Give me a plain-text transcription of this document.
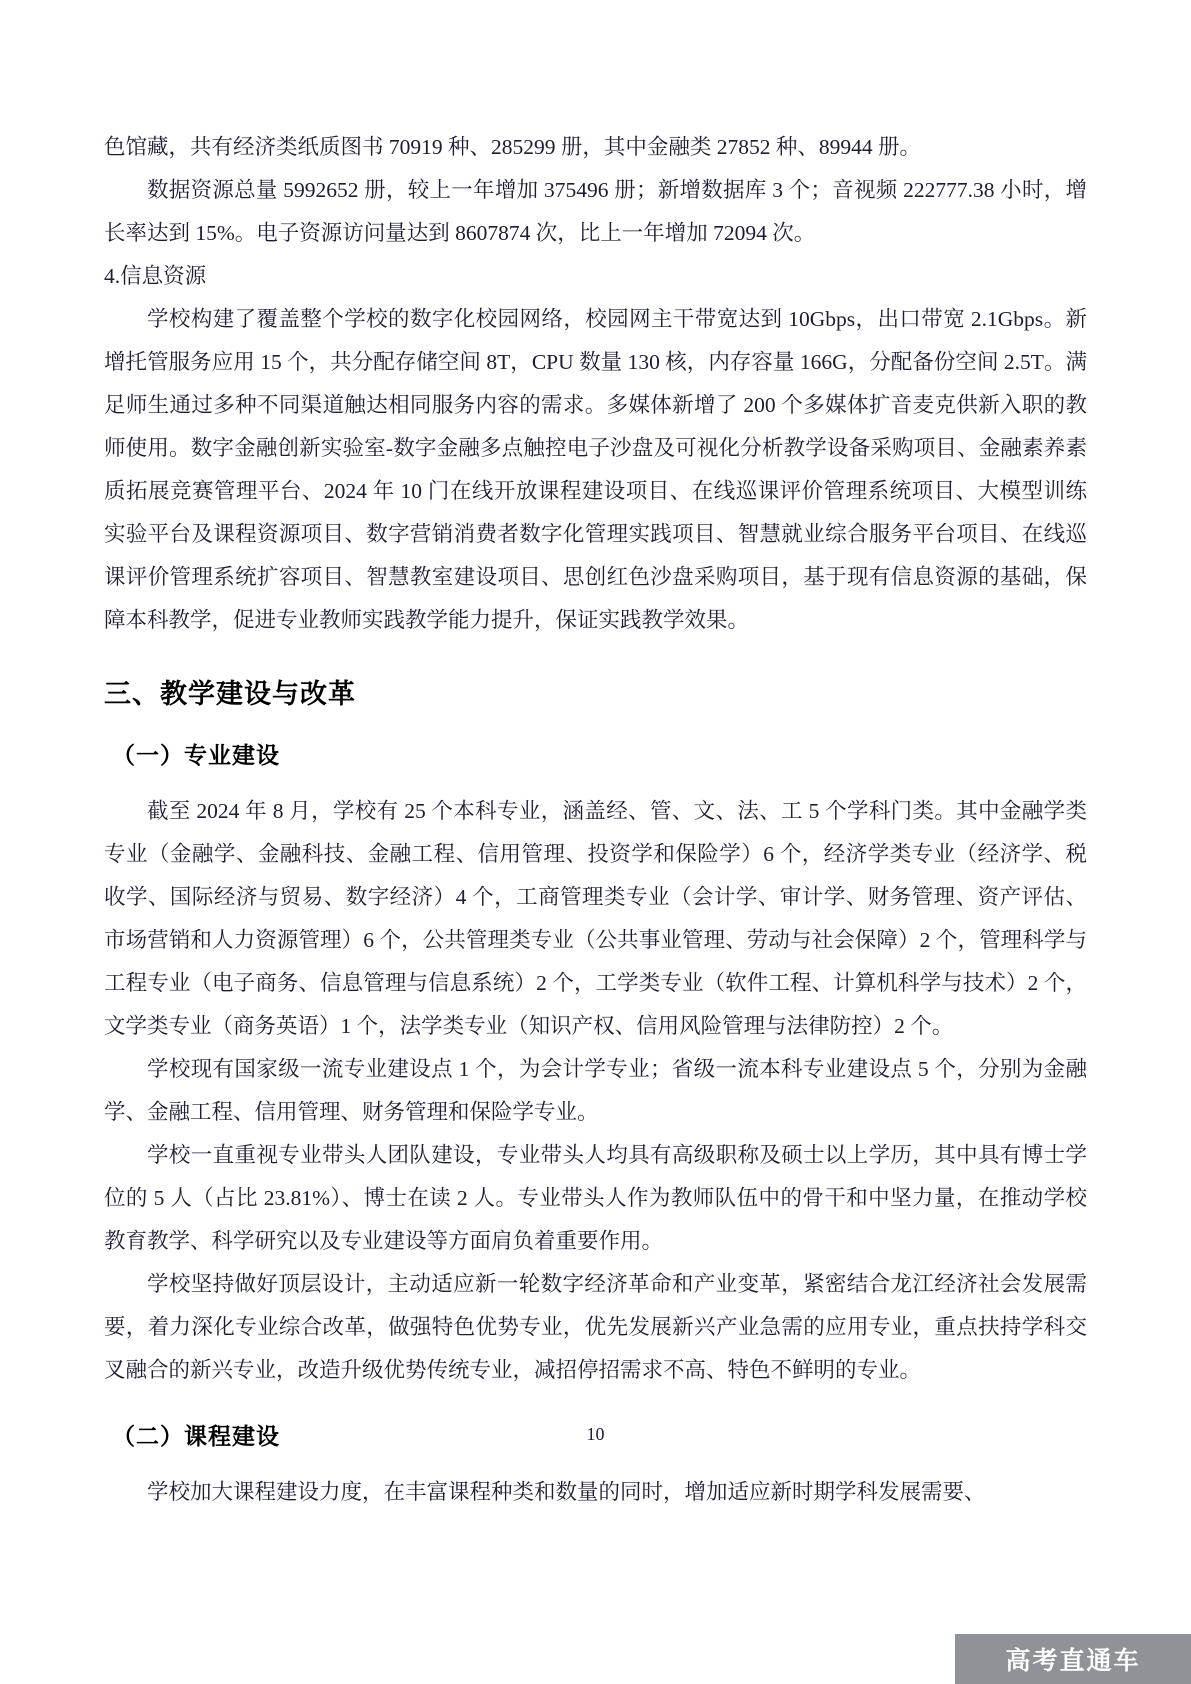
色馆藏，共有经济类纸质图书 70919 种、285299 册，其中金融类 27852 种、89944 册。

数据资源总量 5992652 册，较上一年增加 375496 册；新增数据库 3 个；音视频 222777.38 小时，增长率达到 15%。电子资源访问量达到 8607874 次，比上一年增加 72094 次。

4.信息资源

学校构建了覆盖整个学校的数字化校园网络，校园网主干带宽达到 10Gbps，出口带宽 2.1Gbps。新增托管服务应用 15 个，共分配存储空间 8T，CPU 数量 130 核，内存容量 166G，分配备份空间 2.5T。满足师生通过多种不同渠道触达相同服务内容的需求。多媒体新增了 200 个多媒体扩音麦克供新入职的教师使用。数字金融创新实验室-数字金融多点触控电子沙盘及可视化分析教学设备采购项目、金融素养素质拓展竞赛管理平台、2024 年 10 门在线开放课程建设项目、在线巡课评价管理系统项目、大模型训练实验平台及课程资源项目、数字营销消费者数字化管理实践项目、智慧就业综合服务平台项目、在线巡课评价管理系统扩容项目、智慧教室建设项目、思创红色沙盘采购项目，基于现有信息资源的基础，保障本科教学，促进专业教师实践教学能力提升，保证实践教学效果。

三、教学建设与改革
（一）专业建设

截至 2024 年 8 月，学校有 25 个本科专业，涵盖经、管、文、法、工 5 个学科门类。其中金融学类专业（金融学、金融科技、金融工程、信用管理、投资学和保险学）6 个，经济学类专业（经济学、税收学、国际经济与贸易、数字经济）4 个，工商管理类专业（会计学、审计学、财务管理、资产评估、市场营销和人力资源管理）6 个，公共管理类专业（公共事业管理、劳动与社会保障）2 个，管理科学与工程专业（电子商务、信息管理与信息系统）2 个，工学类专业（软件工程、计算机科学与技术）2 个，文学类专业（商务英语）1 个，法学类专业（知识产权、信用风险管理与法律防控）2 个。

学校现有国家级一流专业建设点 1 个，为会计学专业；省级一流本科专业建设点 5 个，分别为金融学、金融工程、信用管理、财务管理和保险学专业。

学校一直重视专业带头人团队建设，专业带头人均具有高级职称及硕士以上学历，其中具有博士学位的 5 人（占比 23.81%）、博士在读 2 人。专业带头人作为教师队伍中的骨干和中坚力量，在推动学校教育教学、科学研究以及专业建设等方面肩负着重要作用。

学校坚持做好顶层设计，主动适应新一轮数字经济革命和产业变革，紧密结合龙江经济社会发展需要，着力深化专业综合改革，做强特色优势专业，优先发展新兴产业急需的应用专业，重点扶持学科交叉融合的新兴专业，改造升级优势传统专业，减招停招需求不高、特色不鲜明的专业。

（二）课程建设

学校加大课程建设力度，在丰富课程种类和数量的同时，增加适应新时期学科发展需要、

10
高考直通车
